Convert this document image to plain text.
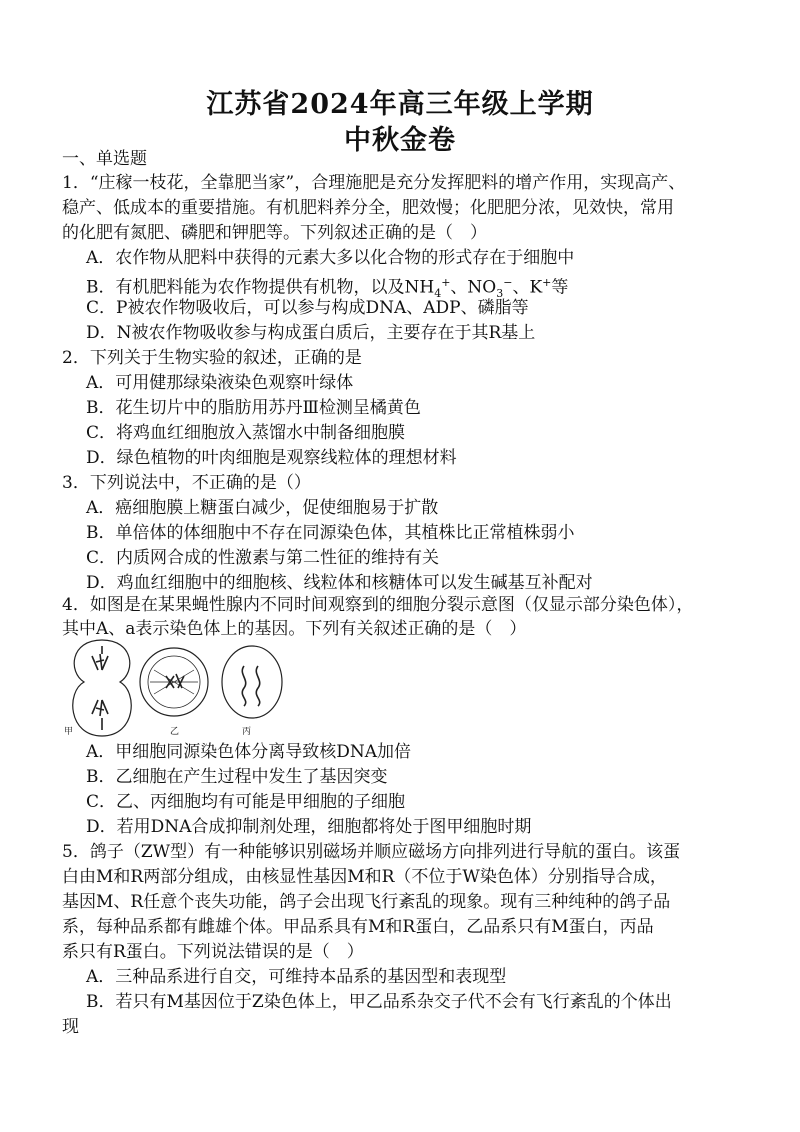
江苏省2024年高三年级上学期
中秋金卷
一、单选题
1．“庄稼一枝花，全靠肥当家”，合理施肥是充分发挥肥料的增产作用，实现高产、
稳产、低成本的重要措施。有机肥料养分全，肥效慢；化肥肥分浓，见效快，常用
的化肥有氮肥、磷肥和钾肥等。下列叙述正确的是（　）
A．农作物从肥料中获得的元素大多以化合物的形式存在于细胞中
B．有机肥料能为农作物提供有机物，以及$NH_4^+$、$NO_3^-$、K+等
C．P被农作物吸收后，可以参与构成DNA、ADP、磷脂等
D．N被农作物吸收参与构成蛋白质后，主要存在于其R基上
2．下列关于生物实验的叙述，正确的是
A．可用健那绿染液染色观察叶绿体
B．花生切片中的脂肪用苏丹Ⅲ检测呈橘黄色
C．将鸡血红细胞放入蒸馏水中制备细胞膜
D．绿色植物的叶肉细胞是观察线粒体的理想材料
3．下列说法中，不正确的是（）
A．癌细胞膜上糖蛋白减少，促使细胞易于扩散
B．单倍体的体细胞中不存在同源染色体，其植株比正常植株弱小
C．内质网合成的性激素与第二性征的维持有关
D．鸡血红细胞中的细胞核、线粒体和核糖体可以发生碱基互补配对
4．如图是在某果蝇性腺内不同时间观察到的细胞分裂示意图（仅显示部分染色体），
其中A、a表示染色体上的基因。下列有关叙述正确的是（　）
甲	乙	丙
A．甲细胞同源染色体分离导致核DNA加倍
B．乙细胞在产生过程中发生了基因突变
C．乙、丙细胞均有可能是甲细胞的子细胞
D．若用DNA合成抑制剂处理，细胞都将处于图甲细胞时期
5．鸽子（ZW型）有一种能够识别磁场并顺应磁场方向排列进行导航的蛋白。该蛋
白由M和R两部分组成，由核显性基因M和R（不位于W染色体）分别指导合成，
基因M、R任意个丧失功能，鸽子会出现飞行紊乱的现象。现有三种纯种的鸽子品
系，每种品系都有雌雄个体。甲品系具有M和R蛋白，乙品系只有M蛋白，丙品
系只有R蛋白。下列说法错误的是（　）
A．三种品系进行自交，可维持本品系的基因型和表现型
B．若只有M基因位于Z染色体上，甲乙品系杂交子代不会有飞行紊乱的个体出
现
